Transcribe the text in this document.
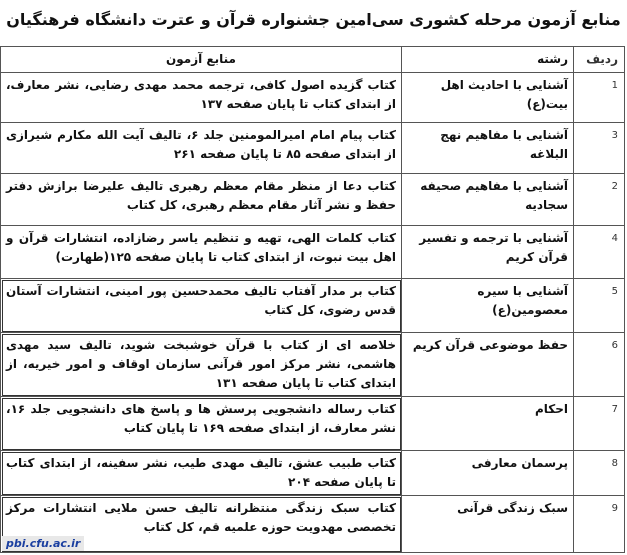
منابع آزمون مرحله کشوری سی‌امین جشنواره قرآن و عترت دانشگاه فرهنگیان
ردیف	رشته	منابع آزمون
1	آشنایی با احادیث اهل بیت(ع)	کتاب گزیده اصول کافی، ترجمه محمد مهدی رضایی، نشر معارف، از ابتدای کتاب تا پایان صفحه ۱۳۷
3	آشنایی با مفاهیم نهج البلاغه	کتاب پیام امام امیرالمومنین جلد ۶، تالیف آیت الله مکارم شیرازی از ابتدای صفحه ۸۵ تا پایان صفحه ۲۶۱
2	آشنایی با مفاهیم صحیفه سجادیه	کتاب دعا از منظر مقام معظم رهبری تالیف علیرضا برازش دفتر حفظ و نشر آثار مقام معظم رهبری، کل کتاب
4	آشنایی با ترجمه و تفسیر قرآن کریم	کتاب کلمات الهی، تهیه و تنظیم یاسر رضازاده، انتشارات قرآن و اهل بیت نبوت، از ابتدای کتاب تا پایان صفحه ۱۲۵(طهارت)
5	آشنایی با سیره معصومین(ع)	کتاب بر مدار آفتاب تالیف محمدحسین پور امینی، انتشارات آستان قدس رضوی، کل کتاب
6	حفظ موضوعی قرآن کریم	خلاصه ای از کتاب با قرآن خوشبخت شوید، تالیف سید مهدی هاشمی، نشر مرکز امور قرآنی سازمان اوقاف و امور خیریه، از ابتدای کتاب تا پایان صفحه ۱۳۱
7	احکام	کتاب رساله دانشجویی پرسش ها و پاسخ های دانشجویی جلد ۱۶، نشر معارف، از ابتدای صفحه ۱۶۹ تا پایان کتاب
8	پرسمان معارفی	کتاب طبیب عشق، تالیف مهدی طیب، نشر سفینه، از ابتدای کتاب تا پایان صفحه ۲۰۴
9	سبک زندگی قرآنی	کتاب سبک زندگی منتظرانه تالیف حسن ملایی انتشارات مرکز تخصصی مهدویت حوزه علمیه قم، کل کتاب
pbi.cfu.ac.ir
